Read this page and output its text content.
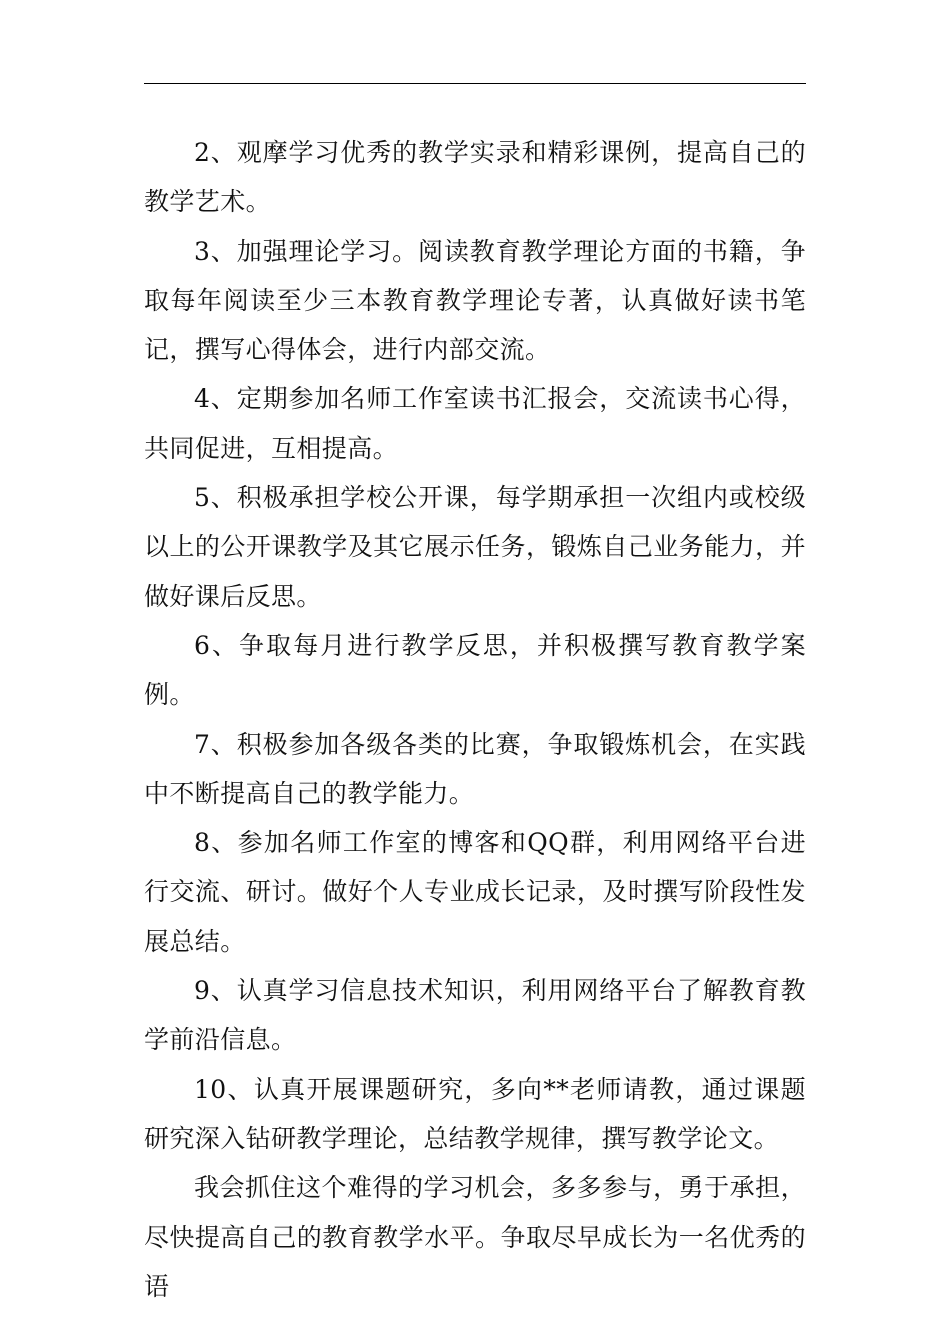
2、观摩学习优秀的教学实录和精彩课例，提高自己的教学艺术。

3、加强理论学习。阅读教育教学理论方面的书籍，争取每年阅读至少三本教育教学理论专著，认真做好读书笔记，撰写心得体会，进行内部交流。

4、定期参加名师工作室读书汇报会，交流读书心得，共同促进，互相提高。

5、积极承担学校公开课，每学期承担一次组内或校级以上的公开课教学及其它展示任务，锻炼自己业务能力，并做好课后反思。

6、争取每月进行教学反思，并积极撰写教育教学案例。

7、积极参加各级各类的比赛，争取锻炼机会，在实践中不断提高自己的教学能力。

8、参加名师工作室的博客和QQ群，利用网络平台进行交流、研讨。做好个人专业成长记录，及时撰写阶段性发展总结。

9、认真学习信息技术知识，利用网络平台了解教育教学前沿信息。

10、认真开展课题研究，多向**老师请教，通过课题研究深入钻研教学理论，总结教学规律，撰写教学论文。

我会抓住这个难得的学习机会，多多参与，勇于承担，尽快提高自己的教育教学水平。争取尽早成长为一名优秀的语
